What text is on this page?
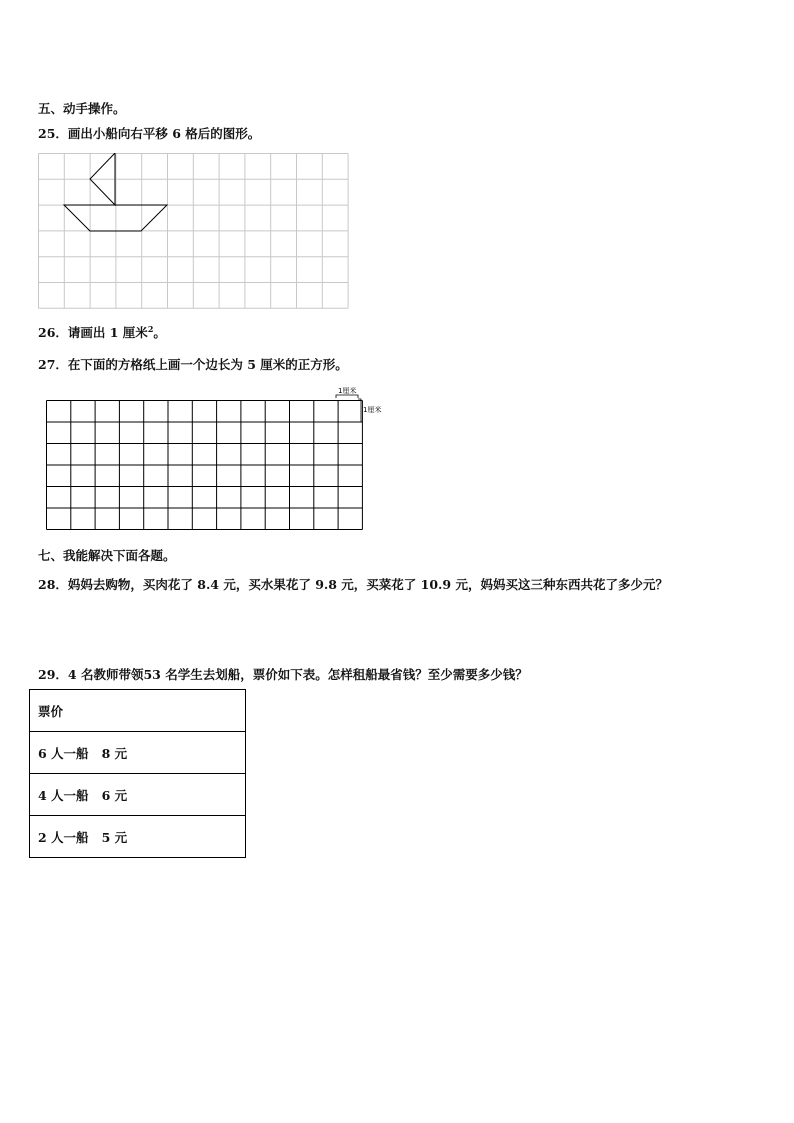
五、动手操作。
25．画出小船向右平移 6 格后的图形。
26．请画出 1 厘米$^2$。
27．在下面的方格纸上画一个边长为 5 厘米的正方形。
1厘米
1厘米
七、我能解决下面各题。
28．妈妈去购物，买肉花了 8.4 元，买水果花了 9.8 元，买菜花了 10.9 元，妈妈买这三种东西共花了多少元？
29．4 名教师带领53 名学生去划船，票价如下表。怎样租船最省钱？至少需要多少钱？
票价
6 人一船   8 元
4 人一船   6 元
2 人一船   5 元
